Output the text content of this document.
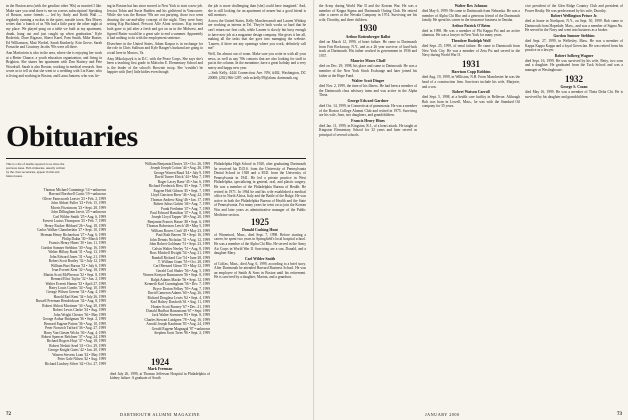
in the Boston area (with the gasoline other '90s) as married I like. Make sure you send there is me on a news subscription! Speaking of Boston, some friends — led by Andy and Keith Wall — regularly running a ruckus in the quiet, seaside town. Rex Morey writes that 'a bunch of us '90s had a little party the other night at my place. We played pong on a table we built at my apartment, drank, hung out and just caught up when graduation.' Kyle Roderick, Dave Rigaszo, Sherri Karel, Pam Smith, Mike Baxter, Ed Williamson, Matt Wrobel, Sarah Kimberly, Erin Grove, Sarah Porsache and Courtney Jacobs '90s were all there.

Ann Marfortein is also in the area, where she is enjoying her work at a Better Chance, a youth education organization, and living in Brighton. She shares her apartment with Dan Slattery and Pete Woodruff. Sarah is also Boston, working in medical research. Ann wrote us to tell us that she went to a wedding with Liz Kane, who is living and working in Boston, and Laura Jantzen, who was liv-

ing in Boston but has since moved to New York to start a new job. Jessica Tobin and Susie Budden and his girlfriend in Vancouver. While she was the Boston '90s are out partying, those two went drawing the cat-and-alley concept of the night. They were busy setting Kip Buckland, Prescott Alfe Aloni sections. Kip invited both gone to jail after a fresh and got on us in the Midwest, and figured Butter would be a great sale to end a summer. Apparently it had nothing to do with the employment sentence.

Elsewhere in the United States, Adam Kaspar is in exchange for the role in Chris Sullivan and Kyle Rauger's husband are going to a trail here in Marcos, Va.

Amy Mikolajczyk is in D.C. with the Peace Corps. She says she's been a teaching first grade in Malcolm E. Elementary School and is the leader of the school's Brownie troop. She 'wouldn't be happier with [her] little kidies even though

the job is more challenging than [she] could have imagined.' And, she is still looking for an apartment of nearer but a good friend is still mentors.

Across the United States, Kelly Marchesseault and Lauren Wittkop are working as interns in Tel. They're both works so hard that he can't return our first calls, while Lauren is slowly but busy enough to have new job at a magazine design company. She gives it her all, making all the tasks that she goes into managing the website. 'Lauren, if there are any openings where you work, definitely call me!'

Well, I'm almost out of room. Make sure you write in with all your news, as well as any '90s contacts that are also looking for stuff to put in the column. In the meantime, have a great holiday and a very merry and happy new year.

—Seth Kelly, 4444 Connecticut Ave. NW, #402, Washington, DC 20008; (202) 966-1287; seth.m.kelly.99@alum. dartmouth.org

Obituaries
This is a list of deaths reported to us since the previous issue. Full obituaries, usually written by the class secretaries, appear in this and future issues.
Thomas Michael Cummings '14 • unknown
Harvard Bordwell Curtis '19 • unknown
Oliver Farnsworth Leaver '23 • Feb. 2, 1999
John Abbott Fuller '23 • Feb. 15, 1999
Morris Fitzsimons '23 • Sept. 28, 1999
John Dillingham Jarvis '25 • unknown
Carl Wilder Smith '25 • Aug. 6, 1999
Everett Lucius Thompson '25 • Feb. 7, 1999
Henry Rucker Hibbard '26 • Aug. 18, 1999
Carlos Walker Chamberlain '27 • Sept. 10, 1999
Herman Henry Richardson '27 • Aug. 6, 1999
Philip Dakin '30 • March 1999
Francis Henry Hines '30 • Jan. 11, 1999
Gordon Sumner Stebbins '30 • Aug. 16, 1999
Walter Hillary Bunk '31 • Aug. 13, 1999
John Edward Jones '31 • Aug. 21, 1999
Robert Scott Bartley '32 • July 12, 1999
William Burt Barrus '32 • July 6, 1999
Ivan Everett Kent '32 • Aug. 18, 1999
Martin Scott McPherson '32 • Sept. 8, 1999
Bernard Eliot Taylor '32 • Jan. 2, 1999
Walter Everett Hamm '33 • April 27, 1999
Harry Louis Combs '34 • Aug. 10, 1999
George Wilson Greene '34 • Aug. 4, 1999
Harold Earl Kent '34 • July 26, 1999
Russell Freeman Hendrickson '34 • Aug. 8, 1999
Robert Abbott Mortimer '34 • Aug. 20, 1999
Robert Lewis Clarke '34 • Aug. 1999
John Wright Chester '36 • May 1999
George Arthur Bridgman '36 • Sept. 2, 1999
Bernard Eugene Patton '36 • Aug. 10, 1999
Peter Norwich Tafford '36 • Aug. 27, 1999
Harry Van Giesen Wicks '36 • Aug. 4, 1999
Robert Spencer Belchner '37 • Aug. 24, 1999
Richard Rogers Hoyt '37 • Aug. 18, 1999
Robert Nesbitt Seed '41 • Oct. 29, 1999
George Knight Gates '42 • Jan. 20, 1999
Warren Stevens Loan '42 • May 1999
Peter Gale Nilsen '42 • Aug. 1999
Richard Lindsey Silver '42 • Oct. 27, 1999
William Benjamin Davies '43 • Oct. 26, 1999
Joseph Joseph Cotton '44 • Aug. 26, 1999
George Warren Raud '44 • July 9, 1999
David Turner Elrick '44 • May 7, 1999
Roger Lacey Bane '45 • Jan. 6, 1999
Richard Frederick Hess '45 • Sept. 7, 1999
Eugene Holt Gibson '45 • Sept. 7, 1999
Lloyd Garrison Brew '46 • Aug. 22, 1999
Thomas Andrew King '46 • Jan. 17, 1999
Robert Julius Galvin '46 • Aug. 7, 1999
Frank Fretheim '47 • Aug. 7, 1999
Paul Edward Hamilton '47 • Aug. 8, 1999
Joseph Lloyd Tapper '48 • Aug. 20, 1999
Benjamin Francis Hause '48 • Sept. 6, 1999
Thomas Robertson Leech '48 • May 5, 1999
William Bowes Craft '49 • May 23, 1999
Paul Roth Barren '50 • Sept. 16, 1999
John Dennis Nicholas '51 • Aug. 12, 1999
John Robert Goldman '51 • Sept. 23, 1999
Calvin Walter Neeley '51 • Aug. 8, 1999
Ross Mitchell Dwight '54 • Aug. 21, 1999
Randall Richard Coe '54 • June 28, 1999
T. William Grant '55 • Oct. 28, 1999
Carl Bernard Glenn '55 • May 12, 1999
Gerald Carl Shuler '56 • Aug. 5, 1999
Warren Kenyon Rasmussen '56 • Sept. 8, 1999
Ralph Adams Macke '56 • Sept. 12, 1999
Kenneth Karl Cunningham '56 • Dec. 7, 1999
Bryce Dorian Felkey '59 • Aug. 7, 1999
David Cameron Adams '60 • Aug. 26, 1999
Richard Douglass Lewis '62 • Sept. 4, 1999
Karl Halsey Danforth '61 • Aug. 11, 1999
Hunter Scott Rooney '67 • Dec. 21, 1999
Donald Hurlbut Haussmann '67 • Sept. 1999
Jack Walter Sorensen '83 • Sept. 8, 1999
Charles Stewart Lindgren '78 • Aug. 16, 1999
Arnold Joseph Kaufman '83 • Aug. 24, 1999
Gerald Eugene Magnagal '87 • unknown
Stephen Scott Trees '96 • Sept. 2, 1999

Philadelphia High School in 1920, after graduating Dartmouth he received his D.D.S. from the University of Pennsylvania Dental School in 1928 and a M.D. from the University of Pennsylvania in 1941. He led a private practice in West Philadelphia, specializing in general, oral, and plastic surgery. He was a member of the Philadelphia Bureau of Health. He retired in 1971. In 1964 he and his wife established a medical office in North Africa, Italy and the Battle of the Bulge. He was active in both the Philadelphia Bureau of Health and the State of Pennsylvania. For many years he went on to join the Korean War and later years as administrative manager of the Public Medicine section.

1925
Donald Cushing Hunt

of Winnetrod, Mass., died Sept. 7, 1998. Before starting a career, he spent two years in Springfield's local hospital school. He was a member of the Alpha Chi Rho. He served in the Army Air Corps in World War II. Surviving are a son, Donald, and a daughter Mary.

Carl Wilder Smith

of Colfax, Mass., died Aug. 6, 1999, according to a brief story. After Dartmouth he attended Harvard Business School. He was an employee of Smith & Sons in Boston until his retirement. He is survived by a daughter, Marion, and a grandson.

1924
Mark Freeman

died July 26, 1999, at Thomas Jefferson Hospital in Philadelphia of kidney failure. A graduate of South

72	DARTMOUTH ALUMNI MAGAZINE

the Army during World War II and the Korean War. He was a member of Kappa Sigma and Dartmouth Outing Club. He retired after a career at the Nevada Company in 1974. Surviving are his wife, Dorothy, and three children.

1930
Arthur Rottenberger Ballot

died on March 12, 1999, of heart failure. He came to Dartmouth from Fair Rockaway, N.Y., and as a 26 year survivor of hard-luck track at Dartmouth. His father worked in government in 1936 and 1937.

Maurice Moses Cliaff

died on Dec. 29, 1998, his place and came to Dartmouth. He was a member of the New York Stock Exchange and later joined his father at the Hope Fund.

Walter Scott Dingee

died Nov. 2, 1999, the time of his illness. He had been a member of the Dartmouth class advisory team and was active in the Alpha Theta.

George Edward Gardner

died Oct. 14, 1999, in Connecticut of pneumonia. He was a member of the Boston College Alumni Club and retired in 1975. Surviving are his wife, Jean, two daughters, and grandchildren.

Francis Henry Hines

died Jan. 11, 1999, in Kingston, R.I., of a heart attack. He taught at Kingston Elementary School for 32 years and later served as principal of several schools.

Walter Rex Johnson

died May 6, 1999. He came to Dartmouth from Nebraska. He was a member of Alpha Chi Rho and a generous friend of the Dartmouth family. He spent his career in the insurance business in Omaha.

Arthur Patrick O'Brien

died in 1998. He was a member of Phi Kappa Psi and an active alumnus. He was a lawyer in New York for many years.

Theodore Rudolph Wolf

died Sept. 25, 1999, of renal failure. He came to Dartmouth from New York City. He was a member of Zeta Psi and served in the Navy during World War II.

1931
Harrison Copp Robbins

died Aug. 19, 1999, in Williston, N.H. From Manchester he was the head of a construction firm. Survivors include his wife, Marjorie, and a son.

Robert Watson Carroll

died Sept. 5, 1998, at a health care facility in Bellevue. Although Bob was born in Lowell, Mass., he was with the Standard Oil company for 35 years.

vice president of the Glen Ridge Country Club and president of Power Realty. He was predeceased by his wife, Dorothy.

Robert Wellington Prince Jr.

died at home in Northport, N.Y., on Sept. 30, 1999. Bob came to Dartmouth from Hopedale, Mass., and was a member of Sigma Nu. He served in the Navy and went into business as a broker.

Gordon Sumner Stebbins

died Sept. 27, 1999, in Wellesley, Mass. He was a member of Kappa Kappa Kappa and a loyal Green fan. He was retired from his practice as a lawyer.

Robert Solberg Wagner

died Sept. 16, 1999. He was survived by his wife, Betty, two sons and a daughter. He graduated from the Tuck School and was a manager at Westinghouse.

1932
George S. Cozan

died May 16, 1999. He was a member of Theta Delta Chi. He is survived by his daughter and grandchildren.

JANUARY 2000	73
